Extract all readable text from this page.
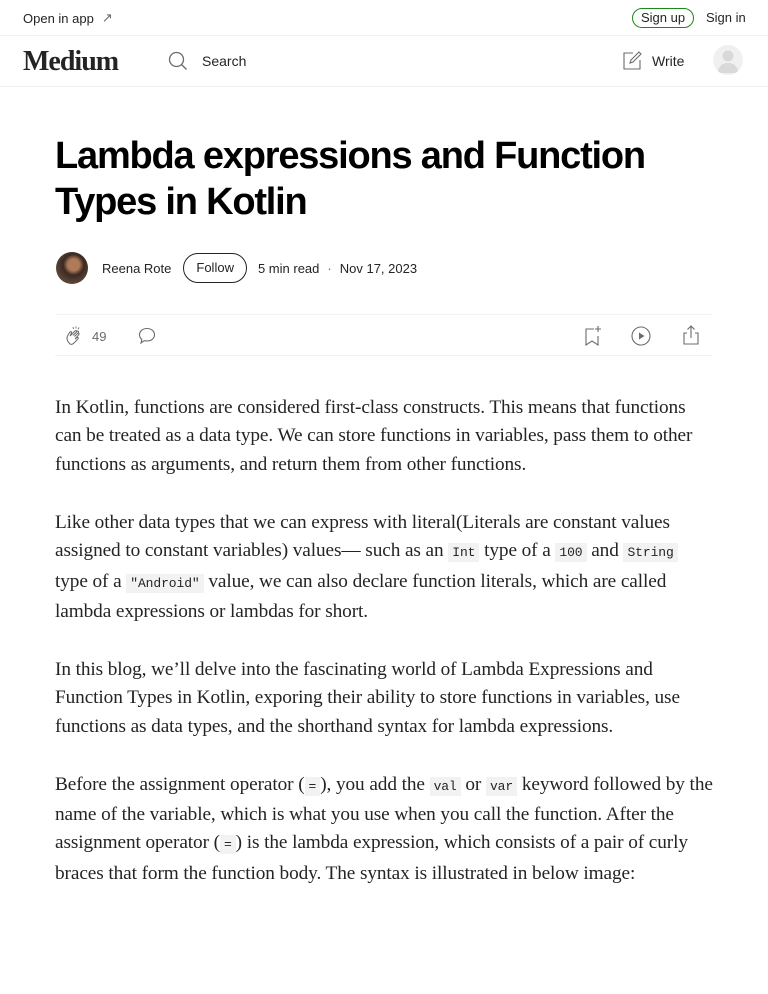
Open in app ↗	Sign up	Sign in
Medium	Search	Write
Lambda expressions and Function Types in Kotlin
Reena Rote	Follow	5 min read · Nov 17, 2023
49

In Kotlin, functions are considered first-class constructs. This means that functions can be treated as a data type. We can store functions in variables, pass them to other functions as arguments, and return them from other functions.

Like other data types that we can express with literal(Literals are constant values assigned to constant variables) values— such as an Int type of a 100 and String type of a "Android" value, we can also declare function literals, which are called lambda expressions or lambdas for short.

In this blog, we’ll delve into the fascinating world of Lambda Expressions and Function Types in Kotlin, exporing their ability to store functions in variables, use functions as data types, and the shorthand syntax for lambda expressions.

Before the assignment operator ( = ), you add the val or var keyword followed by the name of the variable, which is what you use when you call the function. After the assignment operator ( = ) is the lambda expression, which consists of a pair of curly braces that form the function body. The syntax is illustrated in below image:
